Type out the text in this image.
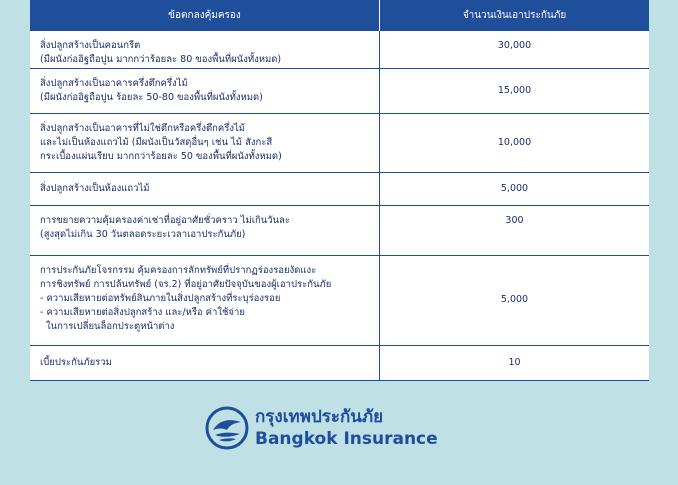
ข้อตกลงคุ้มครอง	จำนวนเงินเอาประกันภัย

สิ่งปลูกสร้างเป็นคอนกรีต
(มีผนังก่ออิฐถือปูน มากกว่าร้อยละ 80 ของพื้นที่ผนังทั้งหมด)	30,000

สิ่งปลูกสร้างเป็นอาคารครึ่งตึกครึ่งไม้
(มีผนังก่ออิฐถือปูน ร้อยละ 50-80 ของพื้นที่ผนังทั้งหมด)	15,000

สิ่งปลูกสร้างเป็นอาคารที่ไม่ใช่ตึกหรือครึ่งตึกครึ่งไม้
และไม่เป็นห้องแถวไม้ (มีผนังเป็นวัสดุอื่นๆ เช่น ไม้ สังกะสี
กระเบื้องแผ่นเรียบ มากกว่าร้อยละ 50 ของพื้นที่ผนังทั้งหมด)	10,000

สิ่งปลูกสร้างเป็นห้องแถวไม้	5,000

การขยายความคุ้มครองค่าเช่าที่อยู่อาศัยชั่วคราว ไม่เกินวันละ
(สูงสุดไม่เกิน 30 วันตลอดระยะเวลาเอาประกันภัย)	300

การประกันภัยโจรกรรม คุ้มครองการลักทรัพย์ที่ปรากฏร่องรอยงัดแงะ
การชิงทรัพย์ การปล้นทรัพย์ (จร.2) ที่อยู่อาศัยปัจจุบันของผู้เอาประกันภัย
- ความเสียหายต่อทรัพย์สินภายในสิ่งปลูกสร้างที่ระบุร่องรอย
- ความเสียหายต่อสิ่งปลูกสร้าง และ/หรือ ค่าใช้จ่าย
ในการเปลี่ยนล็อกประตูหน้าต่าง	5,000

เบี้ยประกันภัยรวม	10
กรุงเทพประกันภัย
Bangkok Insurance
